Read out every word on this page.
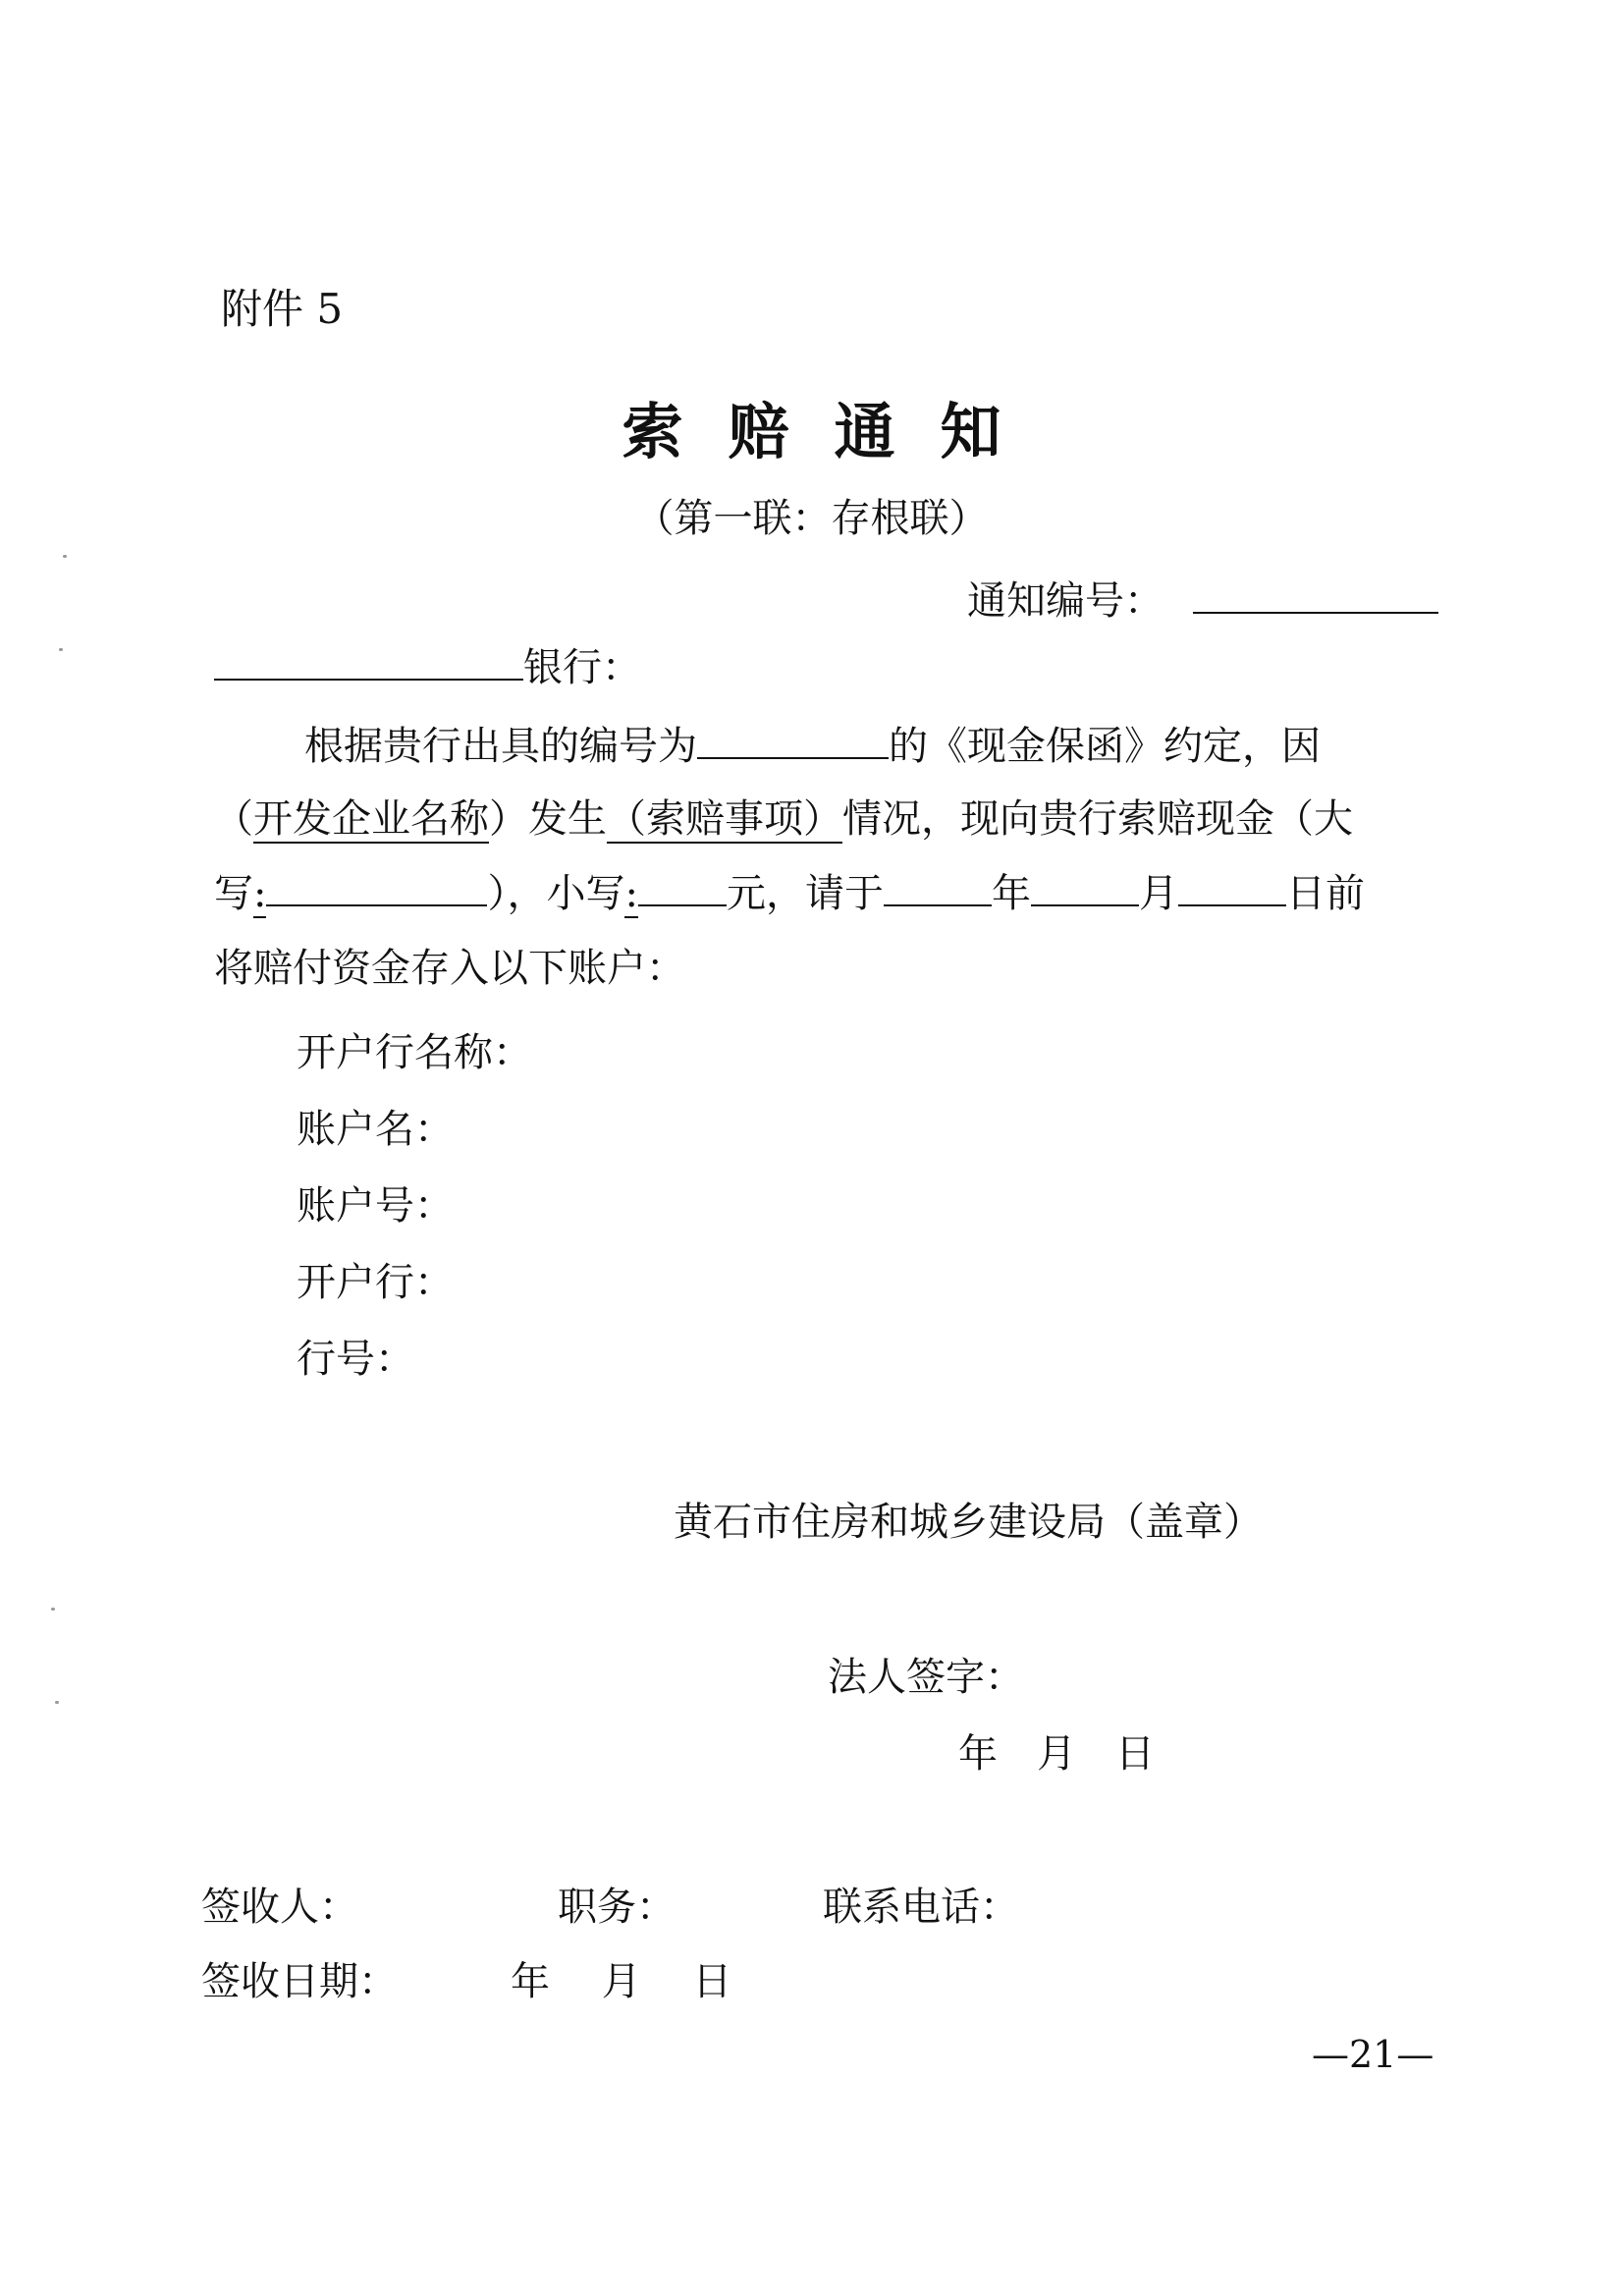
附件 5
索赔通知
（第一联：存根联）
通知编号：
银行：
根据贵行出具的编号为	的《现金保函》约定，因
（开发企业名称）发生（索赔事项）情况，现向贵行索赔现金（大
写:	），小写: 元，请于	年	月	日前
将赔付资金存入以下账户：
开户行名称：
账户名：
账户号：
开户行：
行号：
黄石市住房和城乡建设局（盖章）
法人签字：
年　月　日
签收人：	职务：	联系电话：
签收日期：	年　 月　 日
—21—
